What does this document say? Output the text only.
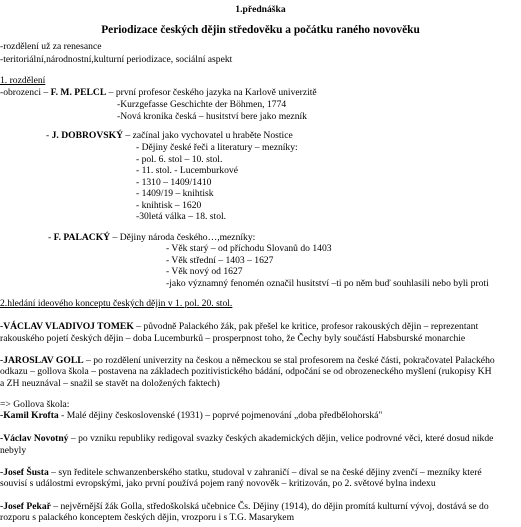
1.přednáška
Periodizace českých dějin středověku a počátku raného novověku
-rozdělení už za renesance
-teritoriální,národnostní,kulturní periodizace, sociální aspekt
1. rozdělení
-obrozenci – F. M. PELCL – první profesor českého jazyka na Karlově univerzitě
-Kurzgefasse Geschichte der Böhmen, 1774
-Nová kronika česká – husitství bere jako mezník
- J. DOBROVSKÝ – začínal jako vychovatel u hraběte Nostice
- Dějiny české řeči a literatury – mezníky:
- pol. 6. stol – 10. stol.
- 11. stol. - Lucemburkové
- 1310 – 1409/1410
- 1409/19 – knihtisk
- knihtisk – 1620
-30letá válka – 18. stol.
- F. PALACKÝ – Dějiny národa českého…,mezníky:
- Věk starý – od příchodu Slovanů do 1403
- Věk střední – 1403 – 1627
- Věk nový od 1627
-jako významný fenomén označil husitství –ti po něm buď souhlasili nebo byli proti
2.hledání ideového konceptu českých dějin v 1. pol. 20. stol.
-VÁCLAV VLADIVOJ TOMEK – původně Palackého žák, pak přešel ke kritice, profesor rakouských dějin – reprezentant
rakouského pojetí českých dějin – doba Lucemburků – prosperpnost toho, že Čechy byly součástí Habsburské monarchie
-JAROSLAV GOLL – po rozdělení univerzity na českou a německou se stal profesorem na české části, pokračovatel Palackého
odkazu – gollova škola – postavena na základech pozitivistického bádání, odpočání se od obrozeneckého myšlení (rukopisy KH
a ZH neuznával – snažil se stavět na doložených faktech)
=> Gollova škola:
-Kamil Krofta - Malé dějiny československé (1931) – poprvé pojmenování „doba předbělohorská"
-Václav Novotný – po vzniku republiky redigoval svazky českých akademických dějin, velice podrovné věci, které dosud nikde
nebyly
-Josef Šusta – syn ředitele schwanzenberského statku, studoval v zahraničí – díval se na české dějiny zvenčí – mezníky které
souvisí s událostmi evropskými, jako první používá pojem raný novověk – kritizován, po 2. světové bylna indexu
-Josef Pekař – nejvěrnější žák Golla, středoškolská učebnice Čs. Dějiny (1914), do dějin promítá kulturní vývoj, dostává se do
rozporu s palackého konceptem českých dějin, vrozporu i s T.G. Masarykem
